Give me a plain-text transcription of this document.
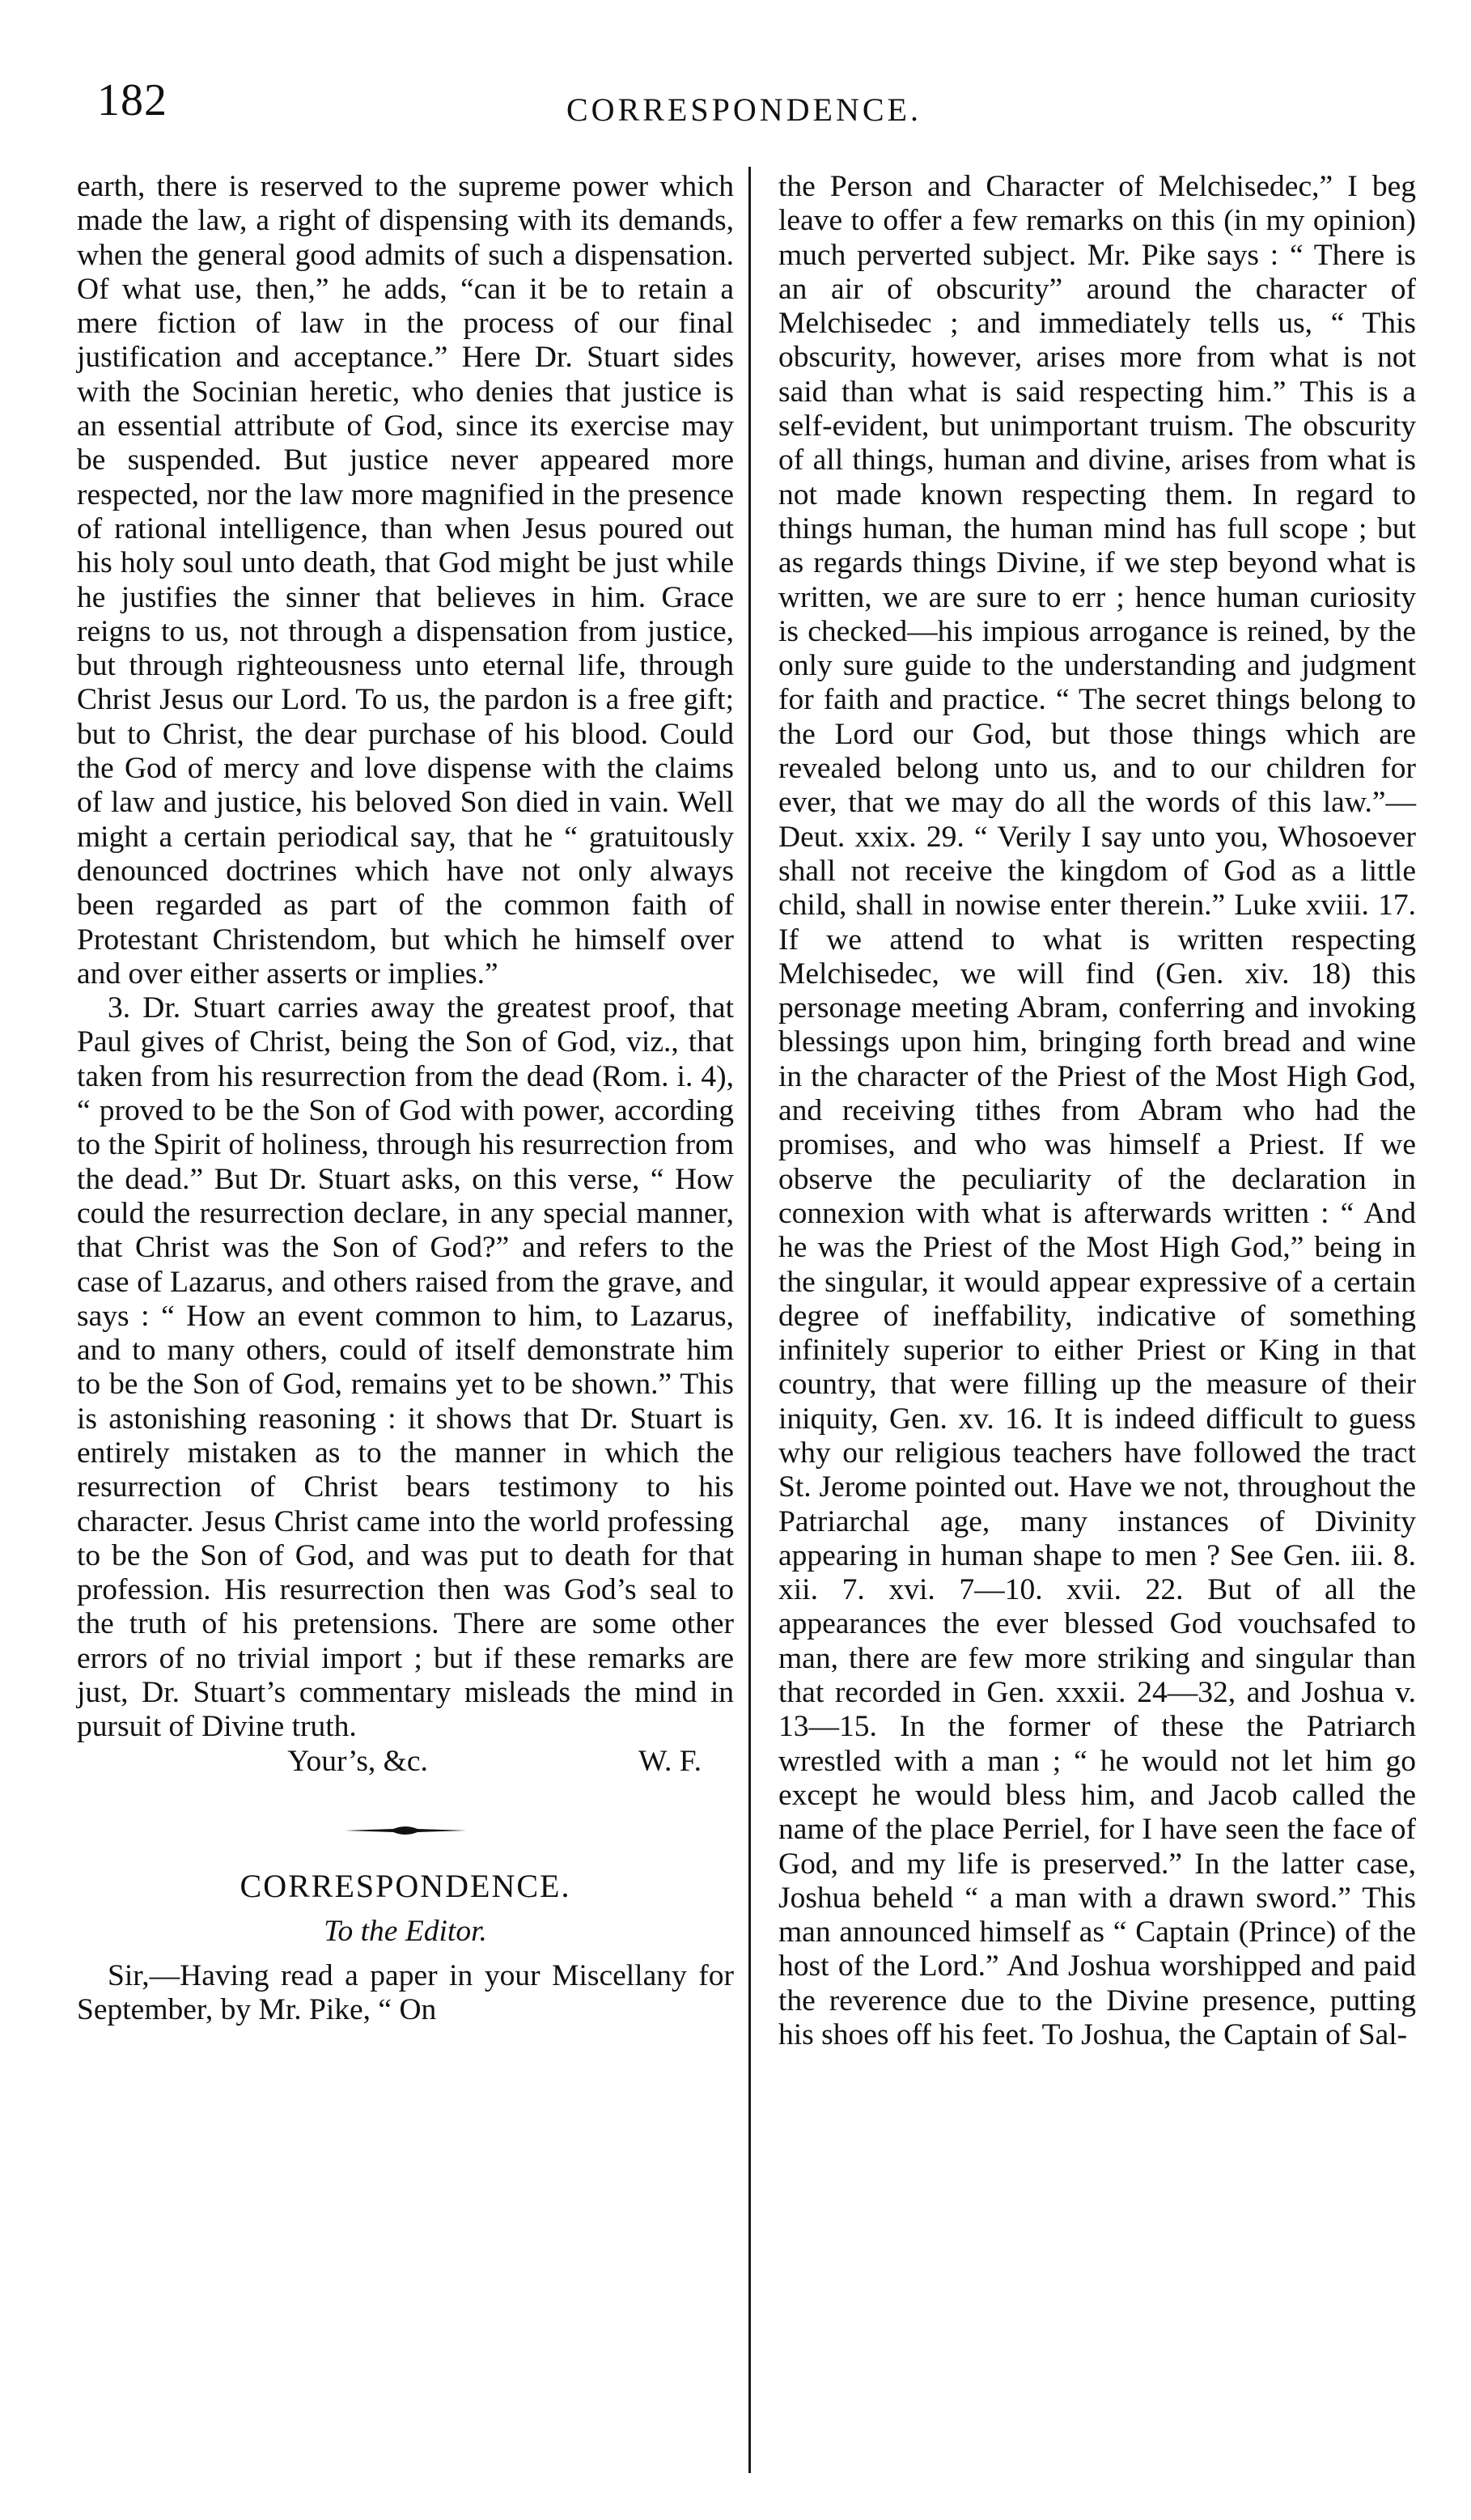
182	CORRESPONDENCE.

earth, there is reserved to the supreme power which made the law, a right of dispensing with its demands, when the general good admits of such a dispensation. Of what use, then,” he adds, “can it be to retain a mere fiction of law in the process of our final justification and acceptance.” Here Dr. Stuart sides with the Socinian heretic, who denies that justice is an essential attribute of God, since its exercise may be suspended. But justice never appeared more respected, nor the law more magnified in the presence of rational intelligence, than when Jesus poured out his holy soul unto death, that God might be just while he justifies the sinner that believes in him. Grace reigns to us, not through a dispensation from justice, but through righteousness unto eternal life, through Christ Jesus our Lord. To us, the pardon is a free gift; but to Christ, the dear purchase of his blood. Could the God of mercy and love dispense with the claims of law and justice, his beloved Son died in vain. Well might a certain periodical say, that he “ gratuitously denounced doctrines which have not only always been regarded as part of the common faith of Protestant Christendom, but which he himself over and over either asserts or implies.”

3. Dr. Stuart carries away the greatest proof, that Paul gives of Christ, being the Son of God, viz., that taken from his resurrection from the dead (Rom. i. 4), “ proved to be the Son of God with power, according to the Spirit of holiness, through his resurrection from the dead.” But Dr. Stuart asks, on this verse, “ How could the resurrection declare, in any special manner, that Christ was the Son of God?” and refers to the case of Lazarus, and others raised from the grave, and says : “ How an event common to him, to Lazarus, and to many others, could of itself demonstrate him to be the Son of God, remains yet to be shown.” This is astonishing reasoning : it shows that Dr. Stuart is entirely mistaken as to the manner in which the resurrection of Christ bears testimony to his character. Jesus Christ came into the world professing to be the Son of God, and was put to death for that profession. His resurrection then was God’s seal to the truth of his pretensions. There are some other errors of no trivial import ; but if these remarks are just, Dr. Stuart’s commentary misleads the mind in pursuit of Divine truth.

Your’s, &c.	W. F.
CORRESPONDENCE.
To the Editor.

Sir,—Having read a paper in your Miscellany for September, by Mr. Pike, “ On

the Person and Character of Melchisedec,” I beg leave to offer a few remarks on this (in my opinion) much perverted subject. Mr. Pike says : “ There is an air of obscurity” around the character of Melchisedec ; and immediately tells us, “ This obscurity, however, arises more from what is not said than what is said respecting him.” This is a self-evident, but unimportant truism. The obscurity of all things, human and divine, arises from what is not made known respecting them. In regard to things human, the human mind has full scope ; but as regards things Divine, if we step beyond what is written, we are sure to err ; hence human curiosity is checked—his impious arrogance is reined, by the only sure guide to the understanding and judgment for faith and practice. “ The secret things belong to the Lord our God, but those things which are revealed belong unto us, and to our children for ever, that we may do all the words of this law.”—Deut. xxix. 29. “ Verily I say unto you, Whosoever shall not receive the kingdom of God as a little child, shall in nowise enter therein.” Luke xviii. 17. If we attend to what is written respecting Melchisedec, we will find (Gen. xiv. 18) this personage meeting Abram, conferring and invoking blessings upon him, bringing forth bread and wine in the character of the Priest of the Most High God, and receiving tithes from Abram who had the promises, and who was himself a Priest. If we observe the peculiarity of the declaration in connexion with what is afterwards written : “ And he was the Priest of the Most High God,” being in the singular, it would appear expressive of a certain degree of ineffability, indicative of something infinitely superior to either Priest or King in that country, that were filling up the measure of their iniquity, Gen. xv. 16. It is indeed difficult to guess why our religious teachers have followed the tract St. Jerome pointed out. Have we not, throughout the Patriarchal age, many instances of Divinity appearing in human shape to men ? See Gen. iii. 8. xii. 7. xvi. 7—10. xvii. 22. But of all the appearances the ever blessed God vouchsafed to man, there are few more striking and singular than that recorded in Gen. xxxii. 24—32, and Joshua v. 13—15. In the former of these the Patriarch wrestled with a man ; “ he would not let him go except he would bless him, and Jacob called the name of the place Perriel, for I have seen the face of God, and my life is preserved.” In the latter case, Joshua beheld “ a man with a drawn sword.” This man announced himself as “ Captain (Prince) of the host of the Lord.” And Joshua worshipped and paid the reverence due to the Divine presence, putting his shoes off his feet. To Joshua, the Captain of Sal-
